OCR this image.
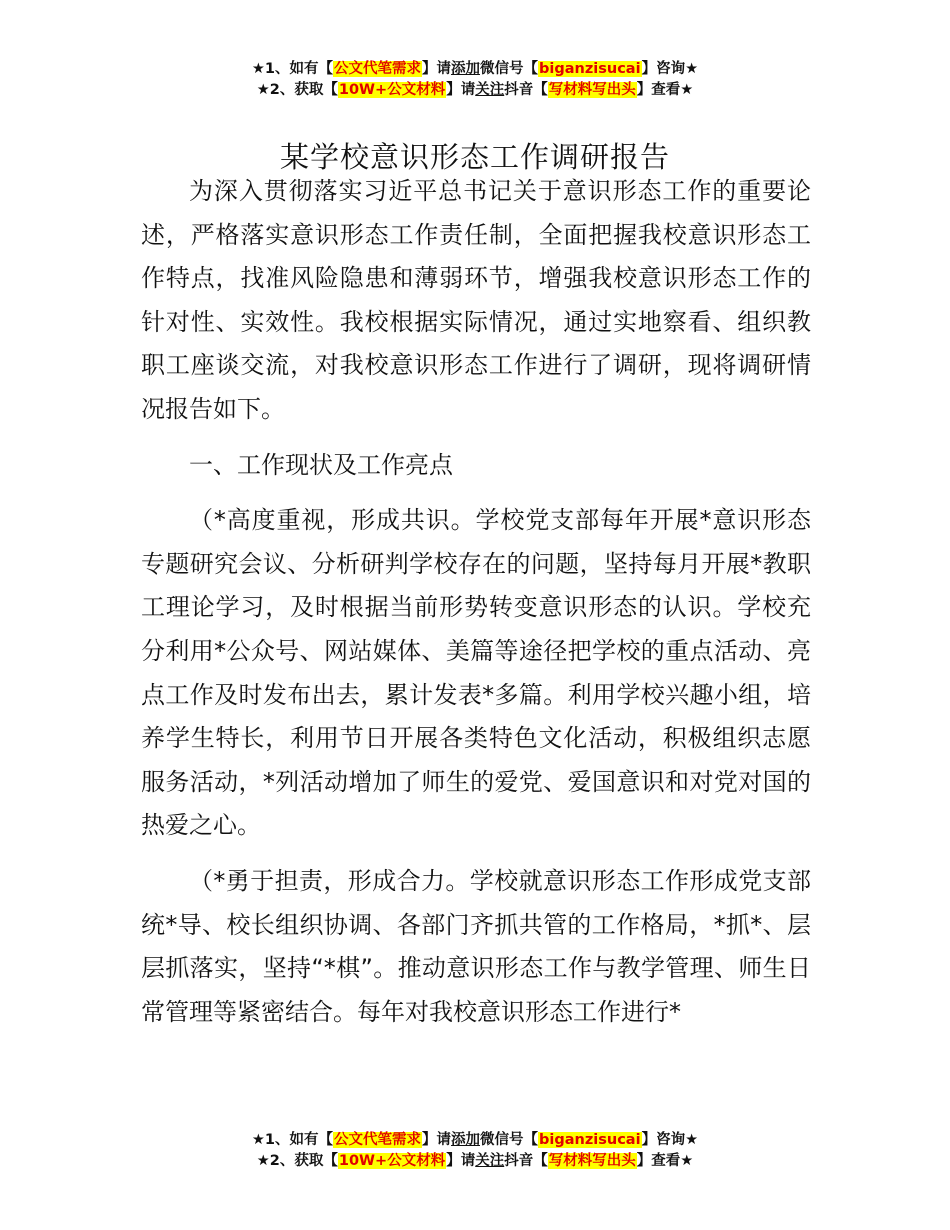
★1、如有【公文代笔需求】请添加微信号【biganzisucai】咨询★
★2、获取【10W+公文材料】请关注抖音【写材料写出头】查看★
某学校意识形态工作调研报告

为深入贯彻落实习近平总书记关于意识形态工作的重要论述，严格落实意识形态工作责任制，全面把握我校意识形态工作特点，找准风险隐患和薄弱环节，增强我校意识形态工作的针对性、实效性。我校根据实际情况，通过实地察看、组织教职工座谈交流，对我校意识形态工作进行了调研，现将调研情况报告如下。

一、工作现状及工作亮点

（*高度重视，形成共识。学校党支部每年开展*意识形态专题研究会议、分析研判学校存在的问题，坚持每月开展*教职工理论学习，及时根据当前形势转变意识形态的认识。学校充分利用*公众号、网站媒体、美篇等途径把学校的重点活动、亮点工作及时发布出去，累计发表*多篇。利用学校兴趣小组，培养学生特长，利用节日开展各类特色文化活动，积极组织志愿服务活动，*列活动增加了师生的爱党、爱国意识和对党对国的热爱之心。

（*勇于担责，形成合力。学校就意识形态工作形成党支部统*导、校长组织协调、各部门齐抓共管的工作格局，*抓*、层层抓落实，坚持“*棋”。推动意识形态工作与教学管理、师生日常管理等紧密结合。每年对我校意识形态工作进行*

★1、如有【公文代笔需求】请添加微信号【biganzisucai】咨询★
★2、获取【10W+公文材料】请关注抖音【写材料写出头】查看★
